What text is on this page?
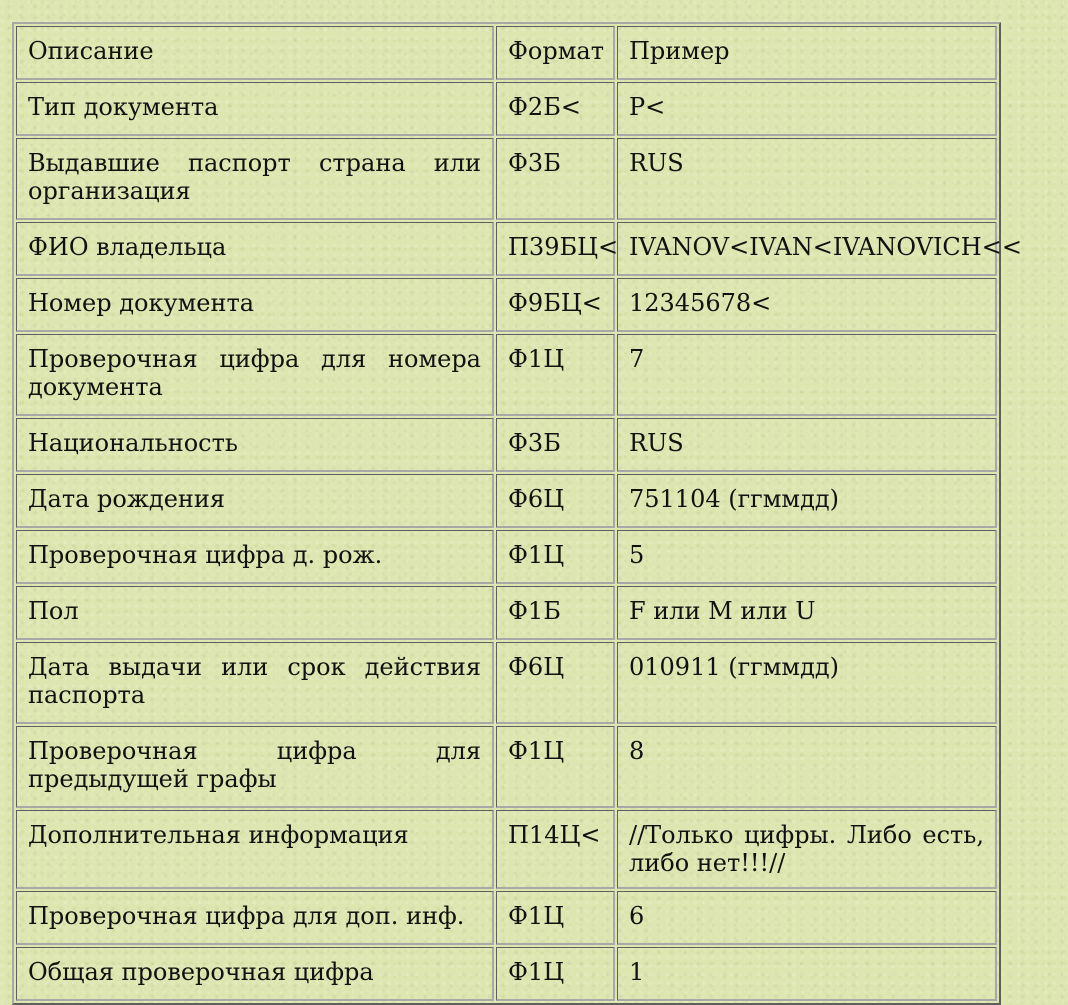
Описание	Формат	Пример
Тип документа	Ф2Б<	P<
Выдавшие паспорт страна или организация	Ф3Б	RUS
ФИО владельца	П39БЦ<	IVANOV<IVAN<IVANOVICH<<
Номер документа	Ф9БЦ<	12345678<
Проверочная цифра для номера документа	Ф1Ц	7
Национальность	Ф3Б	RUS
Дата рождения	Ф6Ц	751104 (ггммдд)
Проверочная цифра д. рож.	Ф1Ц	5
Пол	Ф1Б	F или M или U
Дата выдачи или срок действия паспорта	Ф6Ц	010911 (ггммдд)
Проверочная цифра для предыдущей графы	Ф1Ц	8
Дополнительная информация	П14Ц<	//Только цифры. Либо есть, либо нет!!!//
Проверочная цифра для доп. инф.	Ф1Ц	6
Общая проверочная цифра	Ф1Ц	1
